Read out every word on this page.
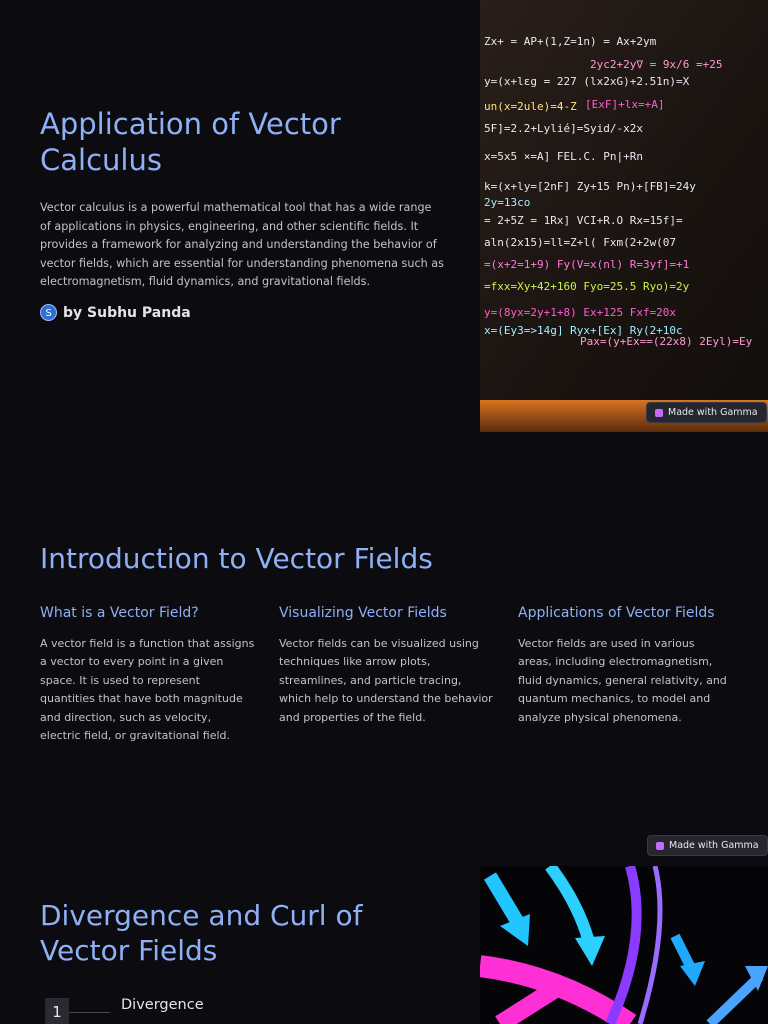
Application of Vector Calculus

Vector calculus is a powerful mathematical tool that has a wide range of applications in physics, engineering, and other scientific fields. It provides a framework for analyzing and understanding the behavior of vector fields, which are essential for understanding phenomena such as electromagnetism, fluid dynamics, and gravitational fields.

S by Subhu Panda
Zx+ = AP+(1,Z=1n) = Ax+2ym
2yc2+2y∇ = 9x/6 =+25
y=(x+lεg = 227 (lx2xG)+2.51n)=X
un(x=2ule)=4-Z [ExF]+lx=+A]
5F]=2.2+Lylié]=Syid/-x2x
x=5x5 ×=A] FEL.C. Pn|+Rn
k=(x+ly=[2nF] Zy+15 Pn)+[FB]=24y
2y=13co
= 2+5Z = 1Rx] VCI+R.O Rx=15f]=
aln(2x15)=ll=Z+l( Fxm(2+2w(07
=(x+2=1+9) Fy(V=x(nl) R=3yf]=+1
=fxx=Xy+42+160 Fyo=25.5 Ryo)=2y
y=(8yx=2y+1+8) Ex+125 Fxf=20x
x=(Ey3=>14g] Ryx+[Ex] Ry(2+10c
Pax=(y+Ex==(22x8) 2Eyl)=Ey
Made with Gamma
Introduction to Vector Fields
What is a Vector Field?

A vector field is a function that assigns a vector to every point in a given space. It is used to represent quantities that have both magnitude and direction, such as velocity, electric field, or gravitational field.

Visualizing Vector Fields

Vector fields can be visualized using techniques like arrow plots, streamlines, and particle tracing, which help to understand the behavior and properties of the field.

Applications of Vector Fields

Vector fields are used in various areas, including electromagnetism, fluid dynamics, general relativity, and quantum mechanics, to model and analyze physical phenomena.

Made with Gamma
Divergence and Curl of Vector Fields
1	Divergence
